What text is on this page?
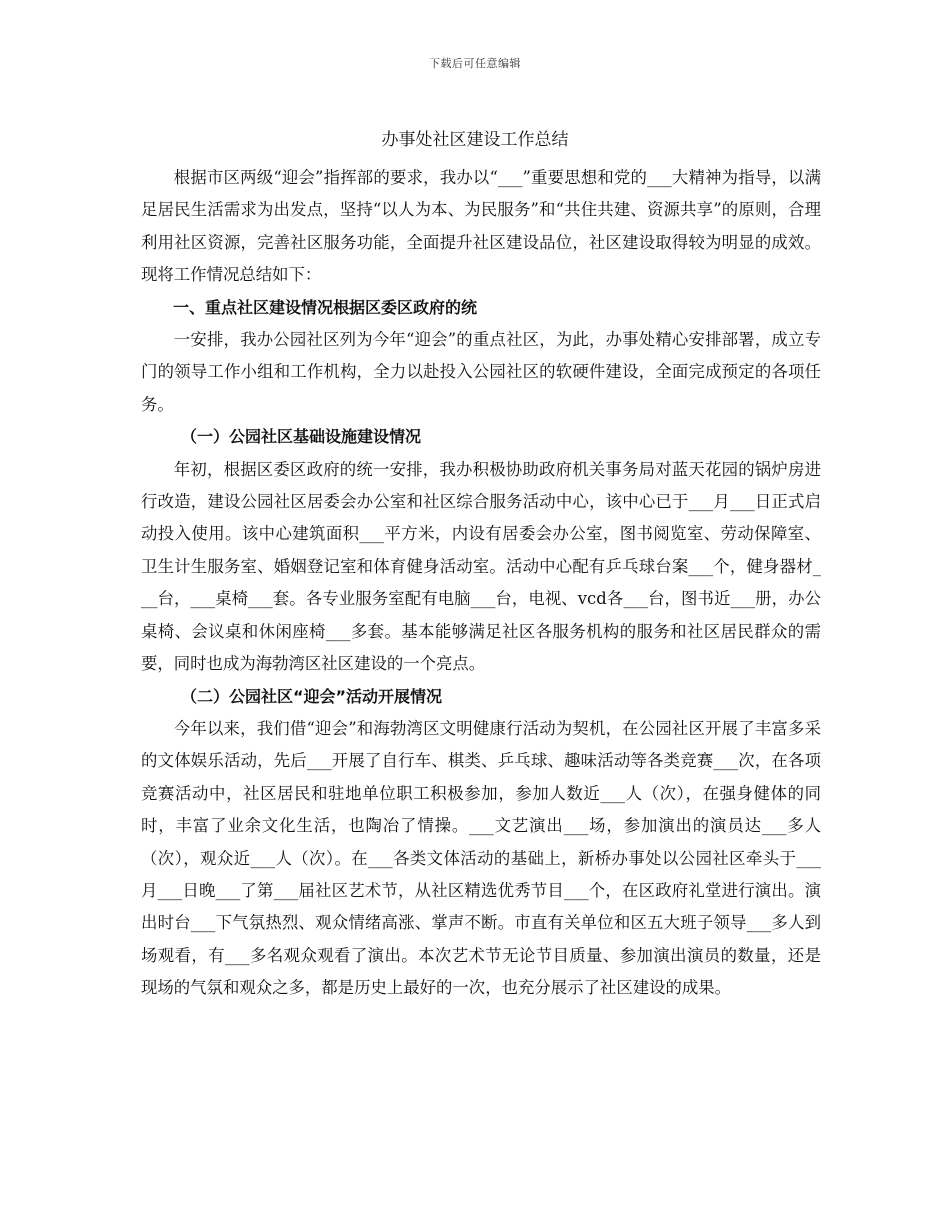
下载后可任意编辑
办事处社区建设工作总结

根据市区两级“迎会”指挥部的要求，我办以“___”重要思想和党的___大精神为指导，以满足居民生活需求为出发点，坚持“以人为本、为民服务”和“共住共建、资源共享”的原则，合理利用社区资源，完善社区服务功能，全面提升社区建设品位，社区建设取得较为明显的成效。现将工作情况总结如下：

一、重点社区建设情况根据区委区政府的统

一安排，我办公园社区列为今年“迎会”的重点社区，为此，办事处精心安排部署，成立专门的领导工作小组和工作机构，全力以赴投入公园社区的软硬件建设，全面完成预定的各项任务。

（一）公园社区基础设施建设情况

年初，根据区委区政府的统一安排，我办积极协助政府机关事务局对蓝天花园的锅炉房进行改造，建设公园社区居委会办公室和社区综合服务活动中心，该中心已于___月___日正式启动投入使用。该中心建筑面积___平方米，内设有居委会办公室，图书阅览室、劳动保障室、卫生计生服务室、婚姻登记室和体育健身活动室。活动中心配有乒乓球台案___个，健身器材___台，___桌椅___套。各专业服务室配有电脑___台，电视、vcd各___台，图书近___册，办公桌椅、会议桌和休闲座椅___多套。基本能够满足社区各服务机构的服务和社区居民群众的需要，同时也成为海勃湾区社区建设的一个亮点。

（二）公园社区“迎会”活动开展情况

今年以来，我们借“迎会”和海勃湾区文明健康行活动为契机，在公园社区开展了丰富多采的文体娱乐活动，先后___开展了自行车、棋类、乒乓球、趣味活动等各类竞赛___次，在各项竞赛活动中，社区居民和驻地单位职工积极参加，参加人数近___人（次），在强身健体的同时，丰富了业余文化生活，也陶冶了情操。___文艺演出___场，参加演出的演员达___多人（次），观众近___人（次）。在___各类文体活动的基础上，新桥办事处以公园社区牵头于___月___日晚___了第___届社区艺术节，从社区精选优秀节目___个，在区政府礼堂进行演出。演出时台___下气氛热烈、观众情绪高涨、掌声不断。市直有关单位和区五大班子领导___多人到场观看，有___多名观众观看了演出。本次艺术节无论节目质量、参加演出演员的数量，还是现场的气氛和观众之多，都是历史上最好的一次，也充分展示了社区建设的成果。
